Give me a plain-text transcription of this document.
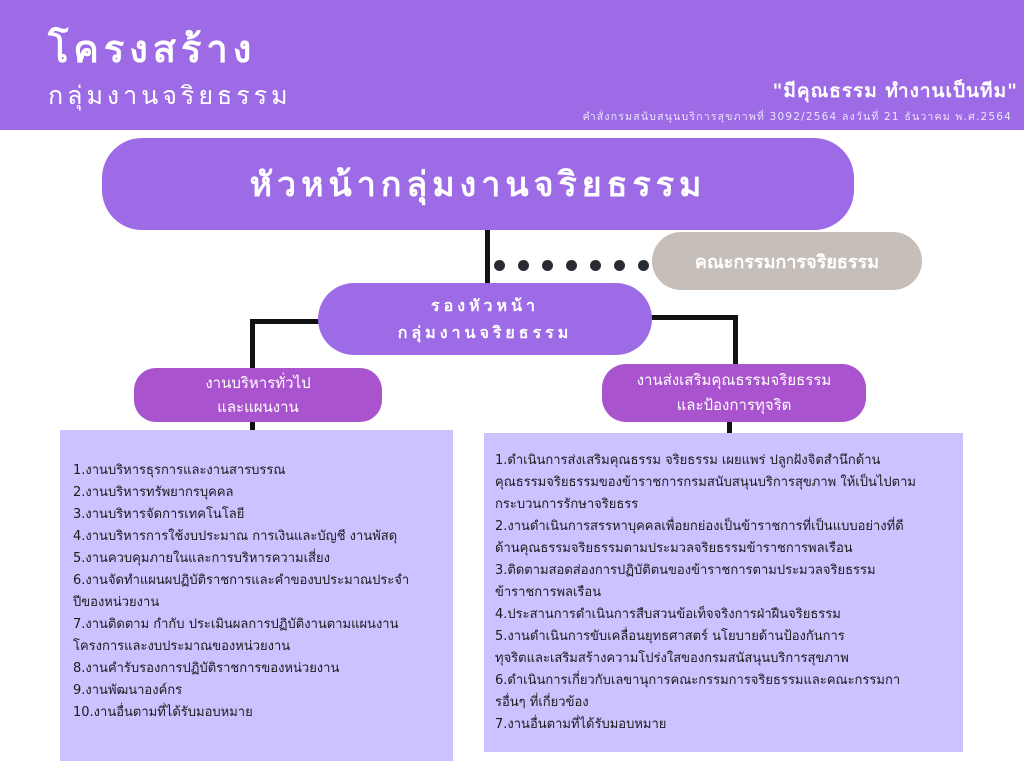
โครงสร้าง
กลุ่มงานจริยธรรม	"มีคุณธรรม ทำงานเป็นทีม"
คำสั่งกรมสนับสนุนบริการสุขภาพที่ 3092/2564 ลงวันที่ 21 ธันวาคม พ.ศ.2564
หัวหน้ากลุ่มงานจริยธรรม
คณะกรรมการจริยธรรม
รองหัวหน้า
กลุ่มงานจริยธรรม
งานบริหารทั่วไป
และแผนงาน
งานส่งเสริมคุณธรรมจริยธรรม
และป้องการทุจริต
1.งานบริหารธุรการและงานสารบรรณ
2.งานบริหารทรัพยากรบุคคล
3.งานบริหารจัดการเทคโนโลยี
4.งานบริหารการใช้งบประมาณ การเงินและบัญชี งานพัสดุ
5.งานควบคุมภายในและการบริหารความเสี่ยง
6.งานจัดทำแผนผปฏิบัติราชการและคำของบประมาณประจำ
ปีของหน่วยงาน
7.งานติดตาม กำกับ ประเมินผลการปฏิบัติงานตามแผนงาน
โครงการและงบประมาณของหน่วยงาน
8.งานคำรับรองการปฏิบัติราชการของหน่วยงาน
9.งานพัฒนาองค์กร
10.งานอื่นตามที่ได้รับมอบหมาย
1.ดำเนินการส่งเสริมคุณธรรม จริยธรรม เผยแพร่ ปลูกฝังจิตสำนึกด้าน
คุณธรรมจริยธรรมของข้าราชการกรมสนับสนุนบริการสุขภาพ ให้เป็นไปตาม
กระบวนการรักษาจริยธรร
2.งานดำเนินการสรรหาบุคคลเพื่อยกย่องเป็นข้าราชการที่เป็นแบบอย่างที่ดี
ด้านคุณธรรมจริยธรรมตามประมวลจริยธรรมข้าราชการพลเรือน
3.ติดตามสอดส่องการปฏิบัติตนของข้าราชการตามประมวลจริยธรรม
ข้าราชการพลเรือน
4.ประสานการดำเนินการสืบสวนข้อเท็จจริงการฝ่าฝืนจริยธรรม
5.งานดำเนินการขับเคลื่อนยุทธศาสตร์ นโยบายด้านป้องกันการ
ทุจริตและเสริมสร้างความโปร่งใสของกรมสนัสนุนบริการสุขภาพ
6.ดำเนินการเกี่ยวกับเลขานุการคณะกรรมการจริยธรรมและคณะกรรมกา
รอื่นๆ ที่เกี่ยวข้อง
7.งานอื่นตามที่ได้รับมอบหมาย
